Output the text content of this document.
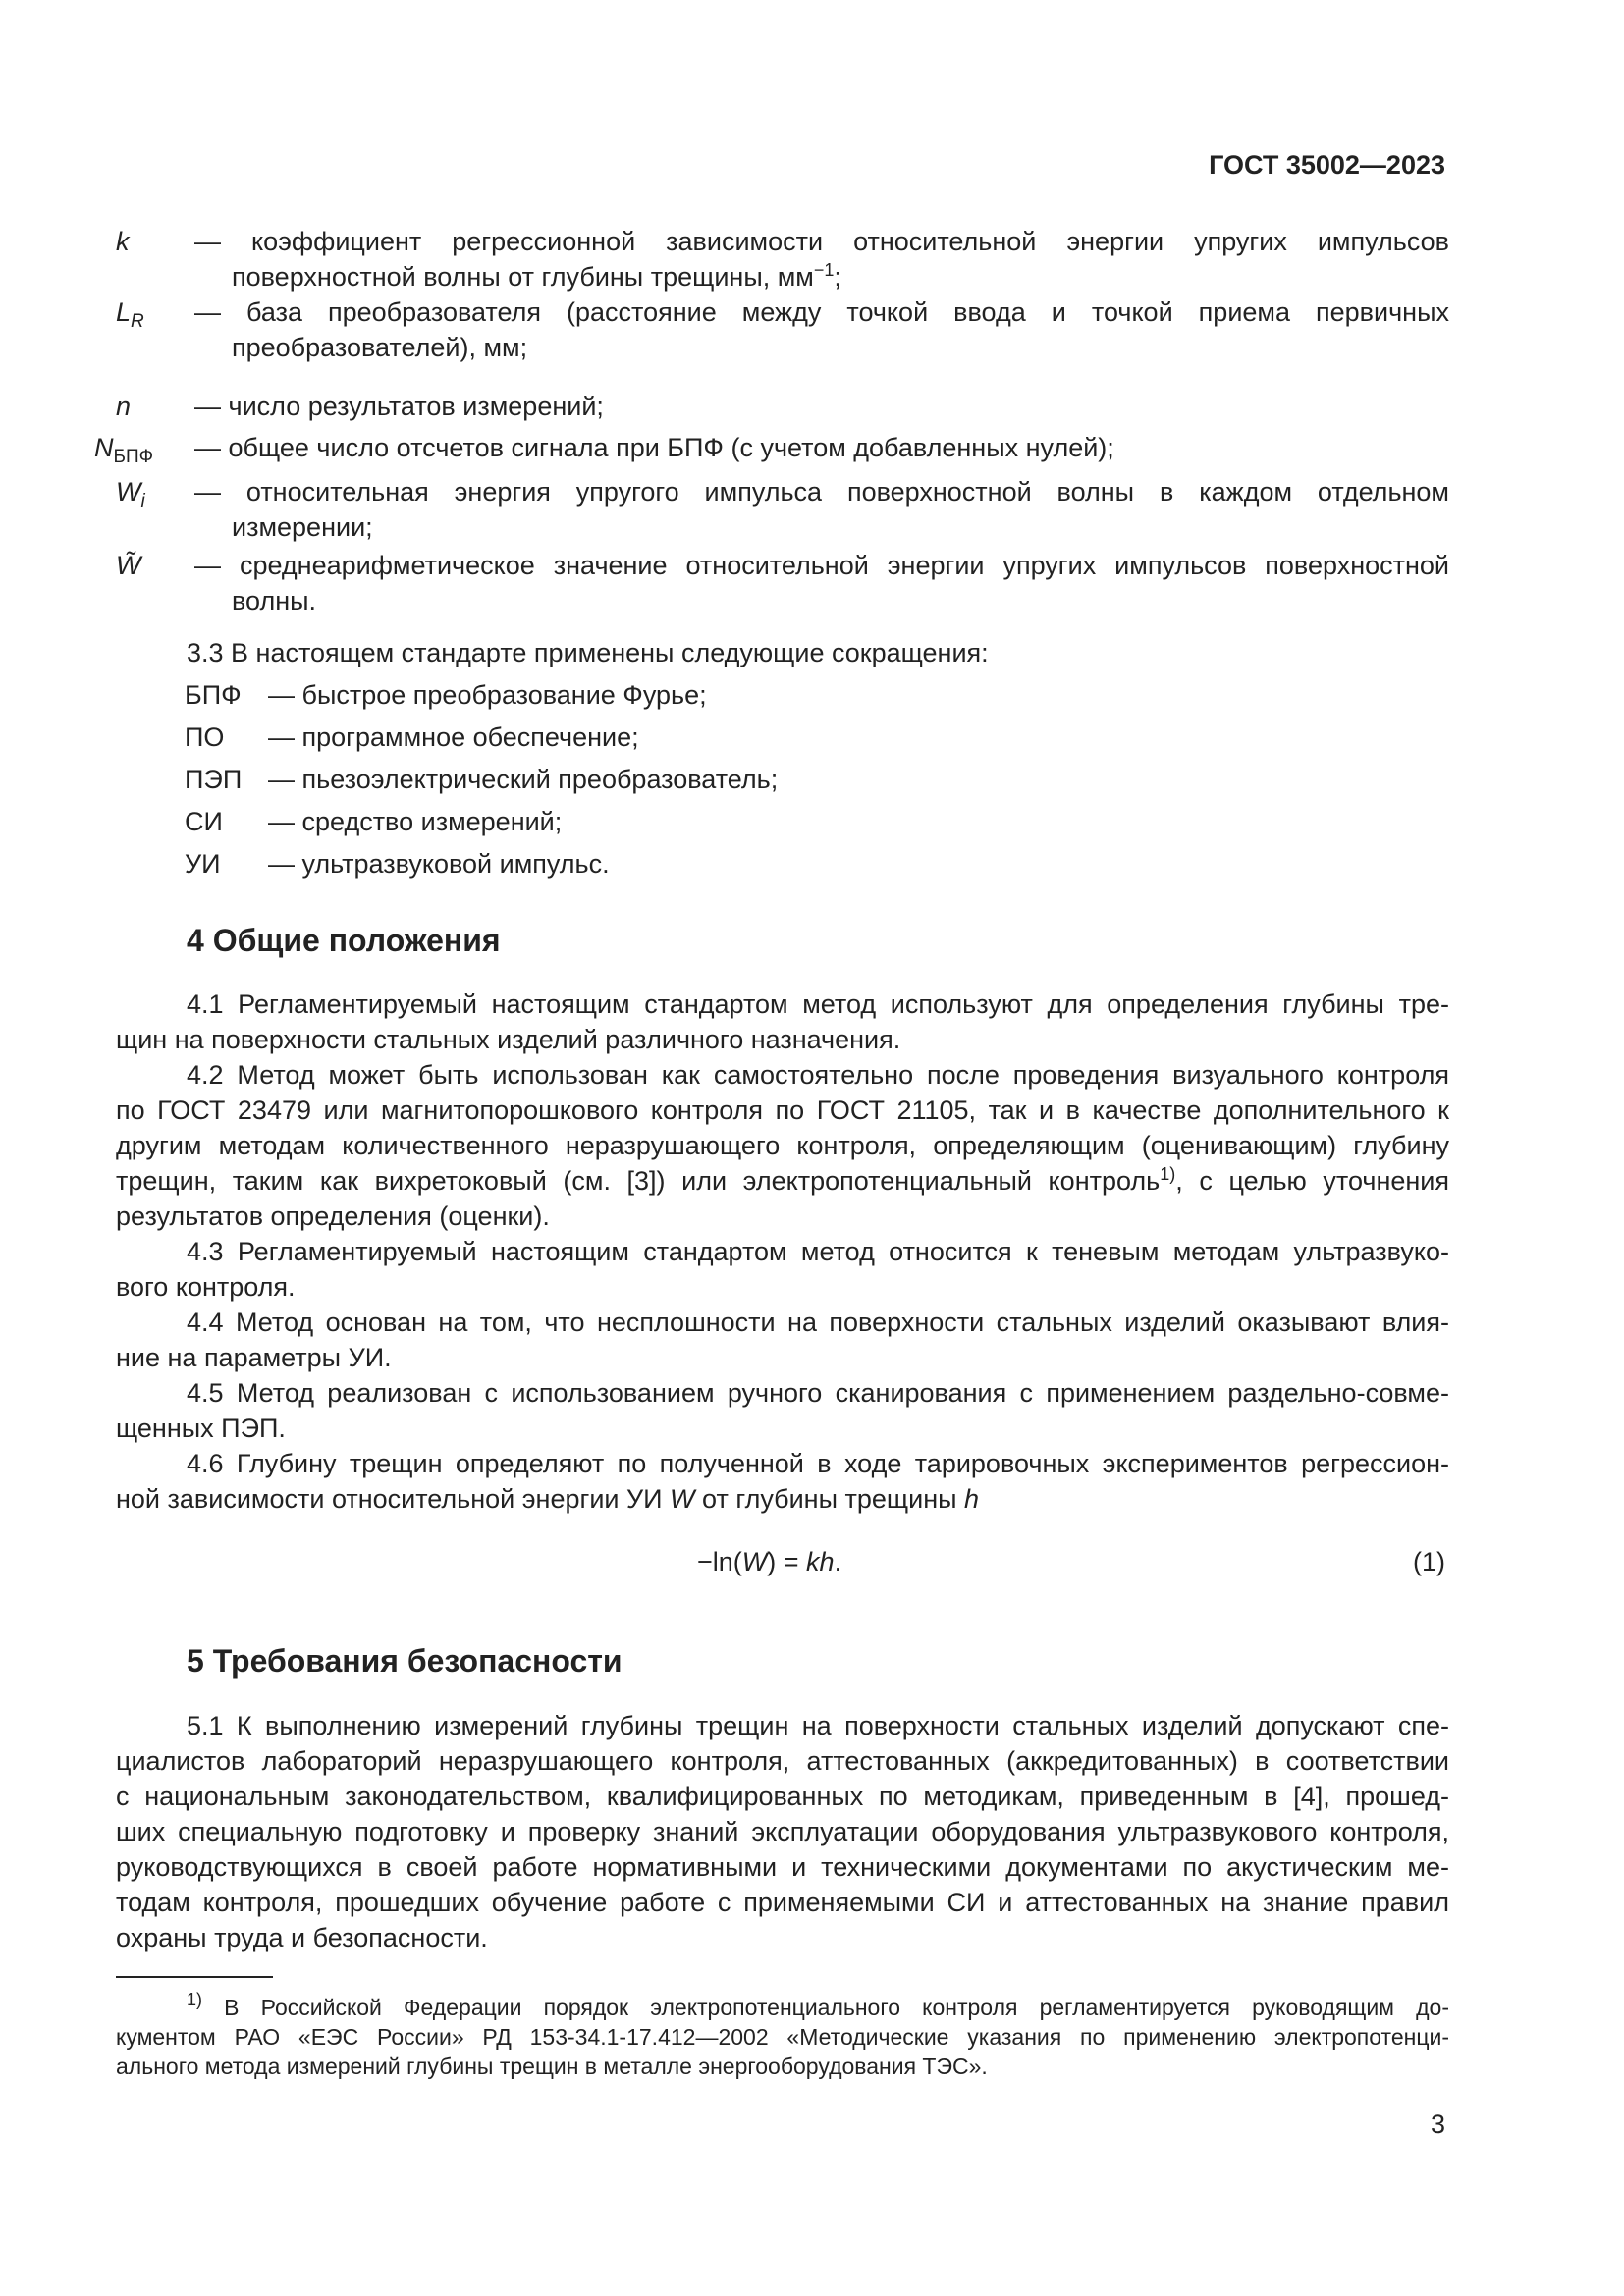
ГОСТ 35002—2023
k — коэффициент регрессионной зависимости относительной энергии упругих импульсов
поверхностной волны от глубины трещины, $мм^{-1}$;
$L_R$ — база преобразователя (расстояние между точкой ввода и точкой приема первичных
преобразователей), мм;
n — число результатов измерений;
$N_{БПФ}$ — общее число отсчетов сигнала при БПФ (с учетом добавленных нулей);
$W_i$ — относительная энергия упругого импульса поверхностной волны в каждом отдельном
измерении;
W̃ — среднеарифметическое значение относительной энергии упругих импульсов поверхностной
волны.
3.3 В настоящем стандарте применены следующие сокращения:
БПФ — быстрое преобразование Фурье;
ПО — программное обеспечение;
ПЭП — пьезоэлектрический преобразователь;
СИ — средство измерений;
УИ — ультразвуковой импульс.
4 Общие положения
4.1 Регламентируемый настоящим стандартом метод используют для определения глубины тре-
щин на поверхности стальных изделий различного назначения.
4.2 Метод может быть использован как самостоятельно после проведения визуального контроля
по ГОСТ 23479 или магнитопорошкового контроля по ГОСТ 21105, так и в качестве дополнительного к
другим методам количественного неразрушающего контроля, определяющим (оценивающим) глубину
трещин, таким как вихретоковый (см. [3]) или электропотенциальный контроль$^{1)}$, с целью уточнения
результатов определения (оценки).
4.3 Регламентируемый настоящим стандартом метод относится к теневым методам ультразвуко-
вого контроля.
4.4 Метод основан на том, что несплошности на поверхности стальных изделий оказывают влия-
ние на параметры УИ.
4.5 Метод реализован с использованием ручного сканирования с применением раздельно-совме-
щенных ПЭП.
4.6 Глубину трещин определяют по полученной в ходе тарировочных экспериментов регрессион-
ной зависимости относительной энергии УИ W от глубины трещины h
−ln(W) = kh.	(1)
5 Требования безопасности
5.1 К выполнению измерений глубины трещин на поверхности стальных изделий допускают спе-
циалистов лабораторий неразрушающего контроля, аттестованных (аккредитованных) в соответствии
с национальным законодательством, квалифицированных по методикам, приведенным в [4], прошед-
ших специальную подготовку и проверку знаний эксплуатации оборудования ультразвукового контроля,
руководствующихся в своей работе нормативными и техническими документами по акустическим ме-
тодам контроля, прошедших обучение работе с применяемыми СИ и аттестованных на знание правил
охраны труда и безопасности.
$^{1)}$ В Российской Федерации порядок электропотенциального контроля регламентируется руководящим до-
кументом РАО «ЕЭС России» РД 153-34.1-17.412—2002 «Методические указания по применению электропотенци-
ального метода измерений глубины трещин в металле энергооборудования ТЭС».
3
